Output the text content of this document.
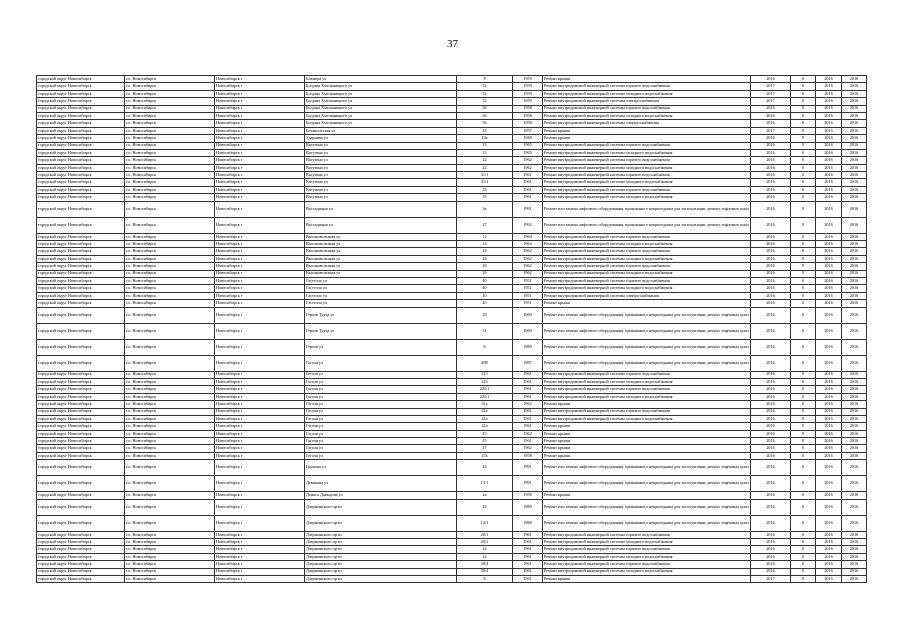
37
городской округ Новосибирск	г.о. Новосибирск	Новосибирск г	Блюхера ул	8	1959	Ремонт крыши	2016	0	2016	2016
городской округ Новосибирск	г.о. Новосибирск	Новосибирск г	Богдана Хмельницкого ул	52	1959	Ремонт внутридомовой инженерной системы горячего водоснабжения	2017	0	2016	2016
городской округ Новосибирск	г.о. Новосибирск	Новосибирск г	Богдана Хмельницкого ул	52	1959	Ремонт внутридомовой инженерной системы холодного водоснабжения	2017	0	2016	2016
городской округ Новосибирск	г.о. Новосибирск	Новосибирск г	Богдана Хмельницкого ул	52	1959	Ремонт внутридомовой инженерной системы электроснабжения	2017	0	2016	2016
городской округ Новосибирск	г.о. Новосибирск	Новосибирск г	Богдана Хмельницкого ул	56	1958	Ремонт внутридомовой инженерной системы горячего водоснабжения	2016	0	2016	2016
городской округ Новосибирск	г.о. Новосибирск	Новосибирск г	Богдана Хмельницкого ул	56	1958	Ремонт внутридомовой инженерной системы холодного водоснабжения	2016	0	2016	2016
городской округ Новосибирск	г.о. Новосибирск	Новосибирск г	Богдана Хмельницкого ул	56	1958	Ремонт внутридомовой инженерной системы электроснабжения	2016	0	2016	2016
городской округ Новосибирск	г.о. Новосибирск	Новосибирск г	Ботаническая ул	33	1957	Ремонт крыши	2017	0	2016	2016
городской округ Новосибирск	г.о. Новосибирск	Новосибирск г	Ударника ул	14а	1949	Ремонт крыши	2016	0	2016	2016
городской округ Новосибирск	г.о. Новосибирск	Новосибирск г	Вагутина ул	13	1965	Ремонт внутридомовой инженерной системы горячего водоснабжения	2016	0	2016	2016
городской округ Новосибирск	г.о. Новосибирск	Новосибирск г	Вагутина ул	13	1965	Ремонт внутридомовой инженерной системы холодного водоснабжения	2016	0	2016	2016
городской округ Новосибирск	г.о. Новосибирск	Новосибирск г	Вагутина ул	22	1962	Ремонт внутридомовой инженерной системы горячего водоснабжения	2016	0	2016	2016
городской округ Новосибирск	г.о. Новосибирск	Новосибирск г	Вагутина ул	22	1962	Ремонт внутридомовой инженерной системы холодного водоснабжения	2016	0	2016	2016
городской округ Новосибирск	г.о. Новосибирск	Новосибирск г	Вагутина ул	31/1	1961	Ремонт внутридомовой инженерной системы горячего водоснабжения	2016	0	2016	2016
городской округ Новосибирск	г.о. Новосибирск	Новосибирск г	Вагутина ул	31/1	1961	Ремонт внутридомовой инженерной системы холодного водоснабжения	2016	0	2016	2016
городской округ Новосибирск	г.о. Новосибирск	Новосибирск г	Вагутина ул	35	1961	Ремонт внутридомовой инженерной системы горячего водоснабжения	2016	0	2016	2016
городской округ Новосибирск	г.о. Новосибирск	Новосибирск г	Вагутина ул	35	1961	Ремонт внутридомовой инженерной системы холодного водоснабжения	2016	0	2016	2016
городской округ Новосибирск	г.о. Новосибирск	Новосибирск г	Восходящая ул	3а	1991	Ремонт или замена лифтового оборудования, признанного непригодным для эксплуатации, ремонт лифтовых шахт	2016	0	2016	2016
городской округ Новосибирск	г.о. Новосибирск	Новосибирск г	Восходящая ул	27	1992	Ремонт или замена лифтового оборудования, признанного непригодным для эксплуатации, ремонт лифтовых шахт	2016	0	2016	2016
городской округ Новосибирск	г.о. Новосибирск	Новосибирск г	Высоковольтная ул	12	1964	Ремонт внутридомовой инженерной системы горячего водоснабжения	2016	0	2016	2016
городской округ Новосибирск	г.о. Новосибирск	Новосибирск г	Высоковольтная ул	12	1964	Ремонт внутридомовой инженерной системы холодного водоснабжения	2016	0	2016	2016
городской округ Новосибирск	г.о. Новосибирск	Новосибирск г	Высоковольтная ул	24	1962	Ремонт внутридомовой инженерной системы горячего водоснабжения	2016	0	2016	2016
городской округ Новосибирск	г.о. Новосибирск	Новосибирск г	Высоковольтная ул	24	1962	Ремонт внутридомовой инженерной системы холодного водоснабжения	2016	0	2016	2016
городской округ Новосибирск	г.о. Новосибирск	Новосибирск г	Высоковольтная ул	26	1962	Ремонт внутридомовой инженерной системы горячего водоснабжения	2016	0	2016	2016
городской округ Новосибирск	г.о. Новосибирск	Новосибирск г	Высоковольтная ул	26	1962	Ремонт внутридомовой инженерной системы холодного водоснабжения	2016	0	2016	2016
городской округ Новосибирск	г.о. Новосибирск	Новосибирск г	Гастелло ул	40	1951	Ремонт внутридомовой инженерной системы горячего водоснабжения	2016	0	2016	2016
городской округ Новосибирск	г.о. Новосибирск	Новосибирск г	Гастелло ул	40	1951	Ремонт внутридомовой инженерной системы холодного водоснабжения	2016	0	2016	2016
городской округ Новосибирск	г.о. Новосибирск	Новосибирск г	Гастелло ул	40	1951	Ремонт внутридомовой инженерной системы электроснабжения	2016	0	2016	2016
городской округ Новосибирск	г.о. Новосибирск	Новосибирск г	Гастелло ул	40	1951	Ремонт крыши	2016	0	2016	2016
городской округ Новосибирск	г.о. Новосибирск	Новосибирск г	Героев Труда ул	29	1969	Ремонт или замена лифтового оборудования, признанного непригодным для эксплуатации, ремонт лифтовых шахт	2016	0	2016	2016
городской округ Новосибирск	г.о. Новосибирск	Новосибирск г	Героев Труда ул	31	1969	Ремонт или замена лифтового оборудования, признанного непригодным для эксплуатации, ремонт лифтовых шахт	2016	0	2016	2016
городской округ Новосибирск	г.о. Новосибирск	Новосибирск г	Героев ул	6	1989	Ремонт или замена лифтового оборудования, признанного непригодным для эксплуатации, ремонт лифтовых шахт	2016	0	2016	2016
городской округ Новосибирск	г.о. Новосибирск	Новосибирск г	Гоголя ул	208	1987	Ремонт или замена лифтового оборудования, признанного непригодным для эксплуатации, ремонт лифтовых шахт	2016	0	2016	2016
городской округ Новосибирск	г.о. Новосибирск	Новосибирск г	Гоголя ул	223	1961	Ремонт внутридомовой инженерной системы горячего водоснабжения	2016	0	2016	2016
городской округ Новосибирск	г.о. Новосибирск	Новосибирск г	Гоголя ул	223	1961	Ремонт внутридомовой инженерной системы холодного водоснабжения	2016	0	2016	2016
городской округ Новосибирск	г.о. Новосибирск	Новосибирск г	Гоголя ул	225/1	1961	Ремонт внутридомовой инженерной системы горячего водоснабжения	2016	0	2016	2016
городской округ Новосибирск	г.о. Новосибирск	Новосибирск г	Гоголя ул	225/1	1961	Ремонт внутридомовой инженерной системы холодного водоснабжения	2016	0	2016	2016
городской округ Новосибирск	г.о. Новосибирск	Новосибирск г	Гоголя ул	31а	1962	Ремонт крыши	2016	0	2016	2016
городской округ Новосибирск	г.о. Новосибирск	Новосибирск г	Гоголя ул	41а	1961	Ремонт внутридомовой инженерной системы горячего водоснабжения	2016	0	2016	2016
городской округ Новосибирск	г.о. Новосибирск	Новосибирск г	Гоголя ул	41а	1961	Ремонт внутридомовой инженерной системы холодного водоснабжения	2016	0	2016	2016
городской округ Новосибирск	г.о. Новосибирск	Новосибирск г	Гоголя ул	41а	1961	Ремонт крыши	2016	0	2016	2016
городской округ Новосибирск	г.о. Новосибирск	Новосибирск г	Гоголя ул	43	1962	Ремонт крыши	2016	0	2016	2016
городской округ Новосибирск	г.о. Новосибирск	Новосибирск г	Гоголя ул	45	1961	Ремонт крыши	2016	0	2016	2016
городской округ Новосибирск	г.о. Новосибирск	Новосибирск г	Гоголя ул	47	1962	Ремонт крыши	2016	0	2016	2016
городской округ Новосибирск	г.о. Новосибирск	Новосибирск г	Гоголя ул	47а	1958	Ремонт крыши	2016	0	2016	2016
городской округ Новосибирск	г.о. Новосибирск	Новосибирск г	Громова ул	23	1991	Ремонт или замена лифтового оборудования, признанного непригодным для эксплуатации, ремонт лифтовых шахт	2016	0	2016	2016
городской округ Новосибирск	г.о. Новосибирск	Новосибирск г	Демакова ул	13/1	1991	Ремонт или замена лифтового оборудования, признанного непригодным для эксплуатации, ремонт лифтовых шахт	2016	0	2016	2016
городской округ Новосибирск	г.о. Новосибирск	Новосибирск г	Денисa Давыдова ул	2а	1958	Ремонт крыши	2016	0	2016	2016
городской округ Новосибирск	г.о. Новосибирск	Новосибирск г	Дзержинского пр-кт	12	1989	Ремонт или замена лифтового оборудования, признанного непригодным для эксплуатации, ремонт лифтовых шахт	2016	0	2016	2016
городской округ Новосибирск	г.о. Новосибирск	Новосибирск г	Дзержинского пр-кт	14/1	1988	Ремонт или замена лифтового оборудования, признанного непригодным для эксплуатации, ремонт лифтовых шахт	2016	0	2016	2016
городской округ Новосибирск	г.о. Новосибирск	Новосибирск г	Дзержинского пр-кт	20/1	1961	Ремонт внутридомовой инженерной системы горячего водоснабжения	2016	0	2016	2016
городской округ Новосибирск	г.о. Новосибирск	Новосибирск г	Дзержинского пр-кт	20/1	1961	Ремонт внутридомовой инженерной системы холодного водоснабжения	2016	0	2016	2016
городской округ Новосибирск	г.о. Новосибирск	Новосибирск г	Дзержинского пр-кт	22	1961	Ремонт внутридомовой инженерной системы горячего водоснабжения	2016	0	2016	2016
городской округ Новосибирск	г.о. Новосибирск	Новосибирск г	Дзержинского пр-кт	22	1961	Ремонт внутридомовой инженерной системы холодного водоснабжения	2016	0	2016	2016
городской округ Новосибирск	г.о. Новосибирск	Новосибирск г	Дзержинского пр-кт	30/4	1961	Ремонт внутридомовой инженерной системы горячего водоснабжения	2016	0	2016	2016
городской округ Новосибирск	г.о. Новосибирск	Новосибирск г	Дзержинского пр-кт	30/4	1961	Ремонт внутридомовой инженерной системы холодного водоснабжения	2016	0	2016	2016
городской округ Новосибирск	г.о. Новосибирск	Новосибирск г	Дзержинского пр-кт	6	1961	Ремонт крыши	2017	0	2016	2016
